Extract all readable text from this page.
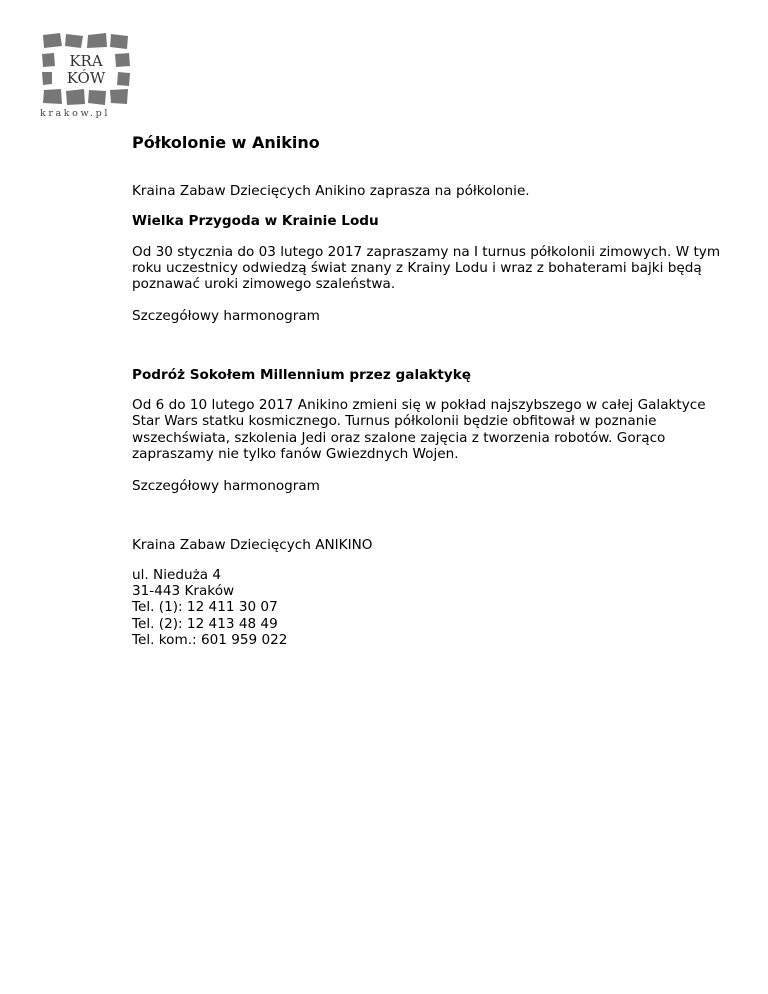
KRA
KÓW
krakow.pl
Półkolonie w Anikino

Kraina Zabaw Dziecięcych Anikino zaprasza na półkolonie.

Wielka Przygoda w Krainie Lodu

Od 30 stycznia do 03 lutego 2017 zapraszamy na I turnus półkolonii zimowych. W tym roku uczestnicy odwiedzą świat znany z Krainy Lodu i wraz z bohaterami bajki będą poznawać uroki zimowego szaleństwa.

Szczegółowy harmonogram

Podróż Sokołem Millennium przez galaktykę

Od 6 do 10 lutego 2017 Anikino zmieni się w pokład najszybszego w całej Galaktyce Star Wars statku kosmicznego. Turnus półkolonii będzie obfitował w poznanie wszechświata, szkolenia Jedi oraz szalone zajęcia z tworzenia robotów. Gorąco zapraszamy nie tylko fanów Gwiezdnych Wojen.

Szczegółowy harmonogram

Kraina Zabaw Dziecięcych ANIKINO

ul. Nieduża 4

31-443 Kraków

Tel. (1): 12 411 30 07

Tel. (2): 12 413 48 49

Tel. kom.: 601 959 022
